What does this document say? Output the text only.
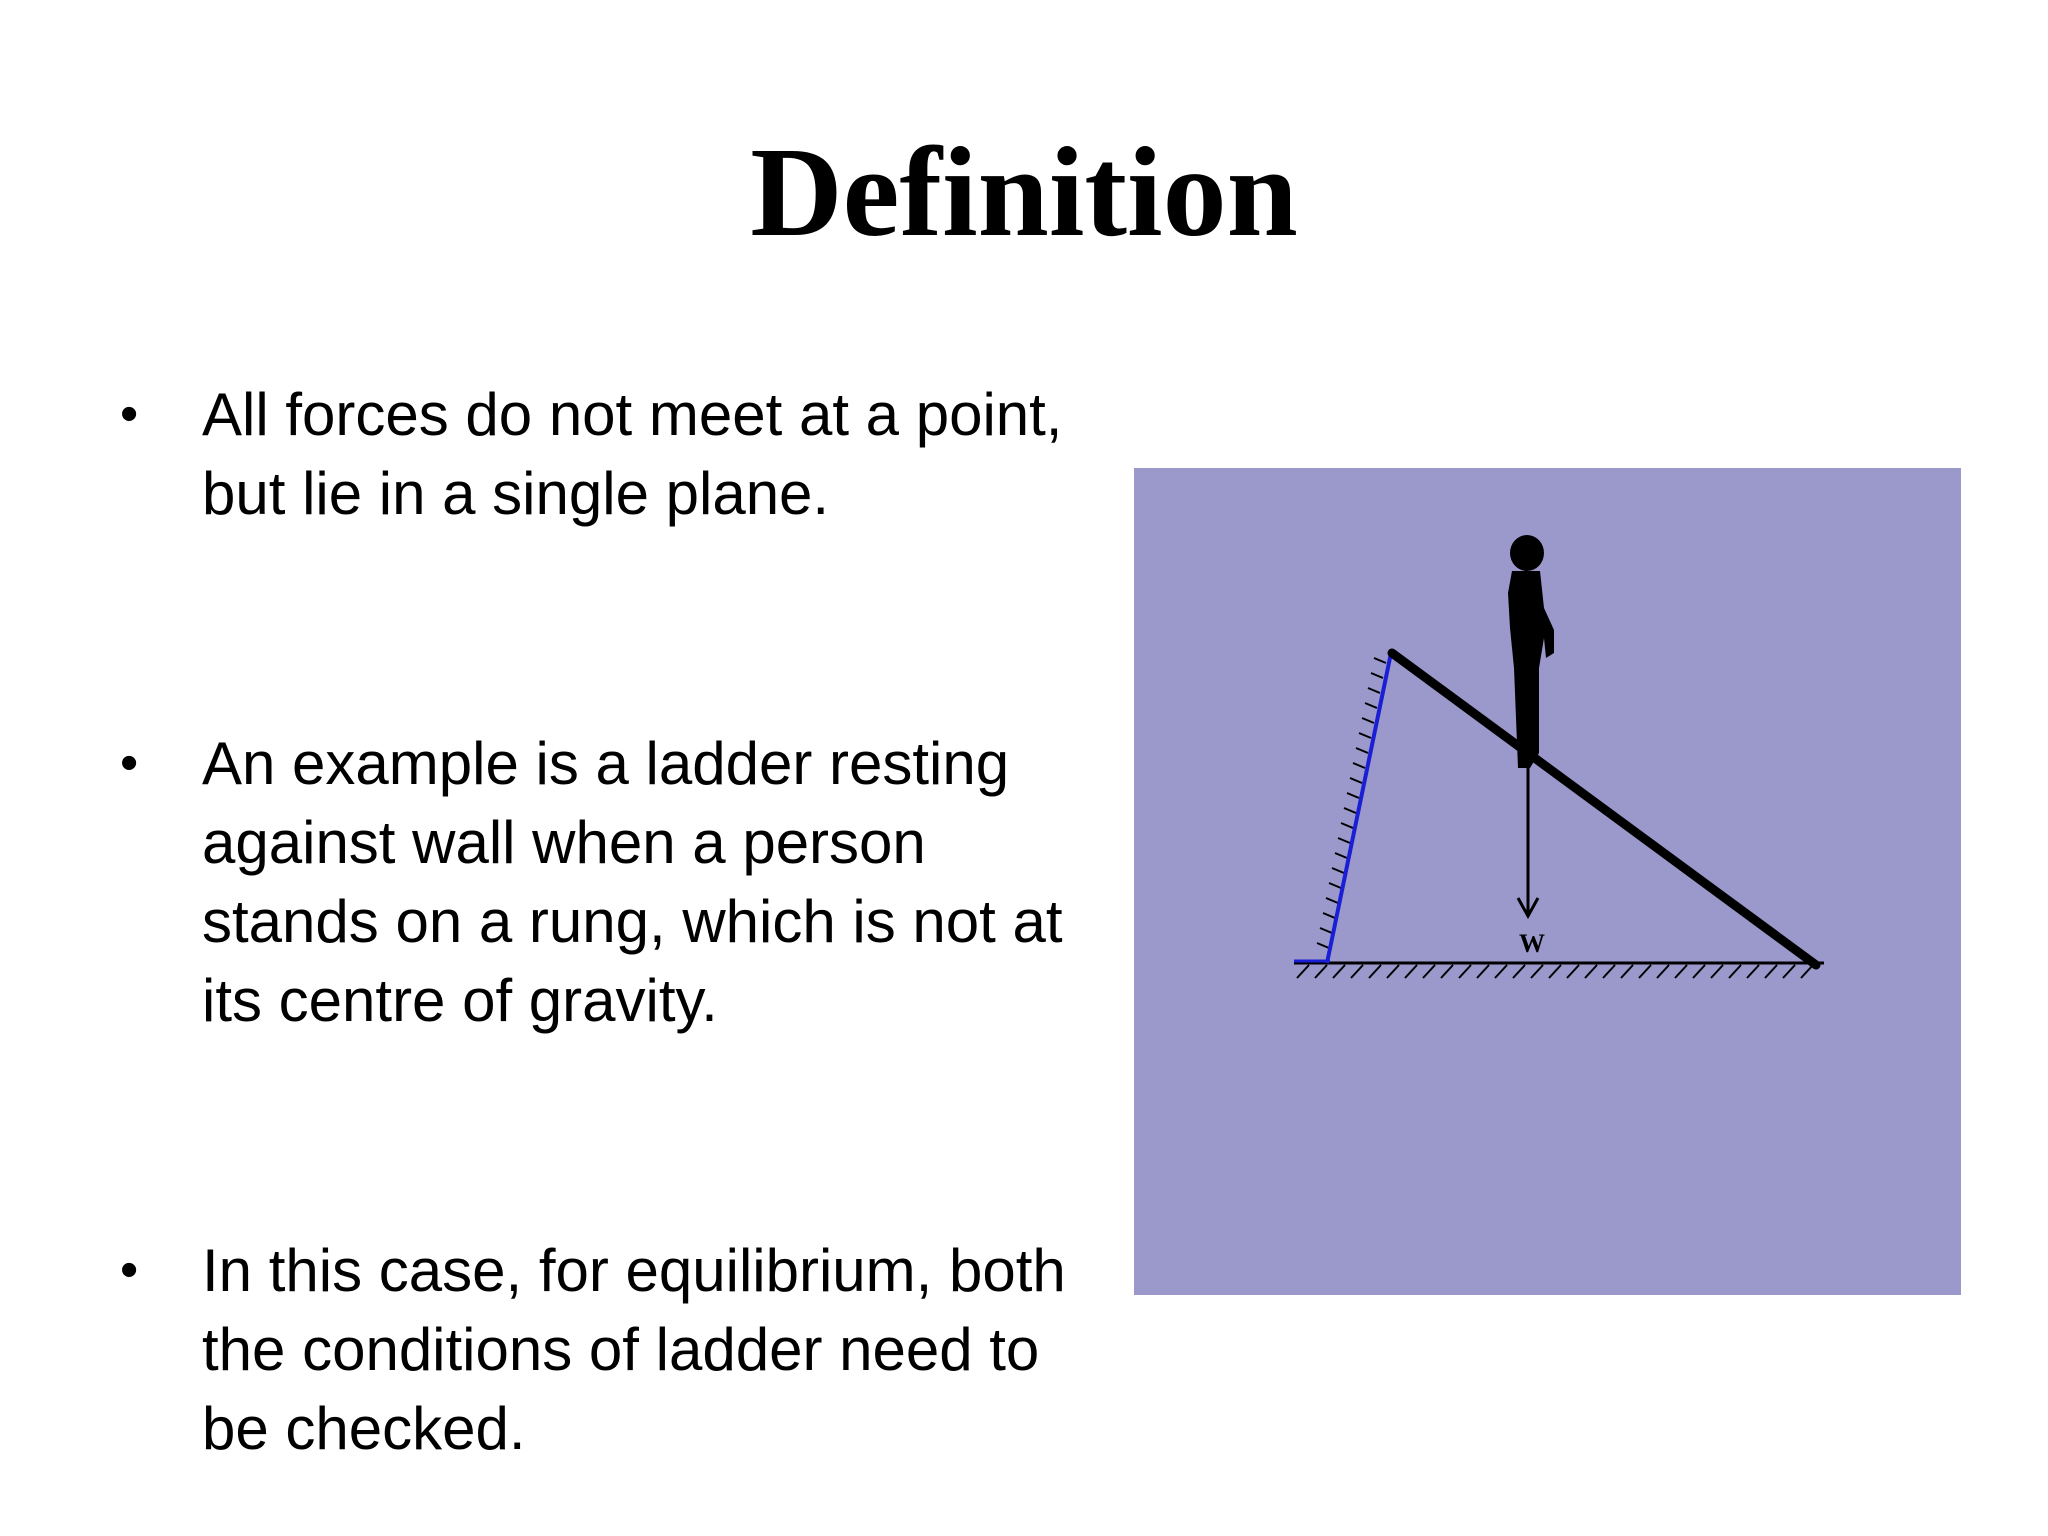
Definition
•	All forces do not meet at a point, but lie in a single plane.
•	An example is a ladder resting against wall when a person stands on a rung, which is not at its centre of gravity.
•	In this case, for equilibrium, both the conditions of ladder need to be checked.
W
